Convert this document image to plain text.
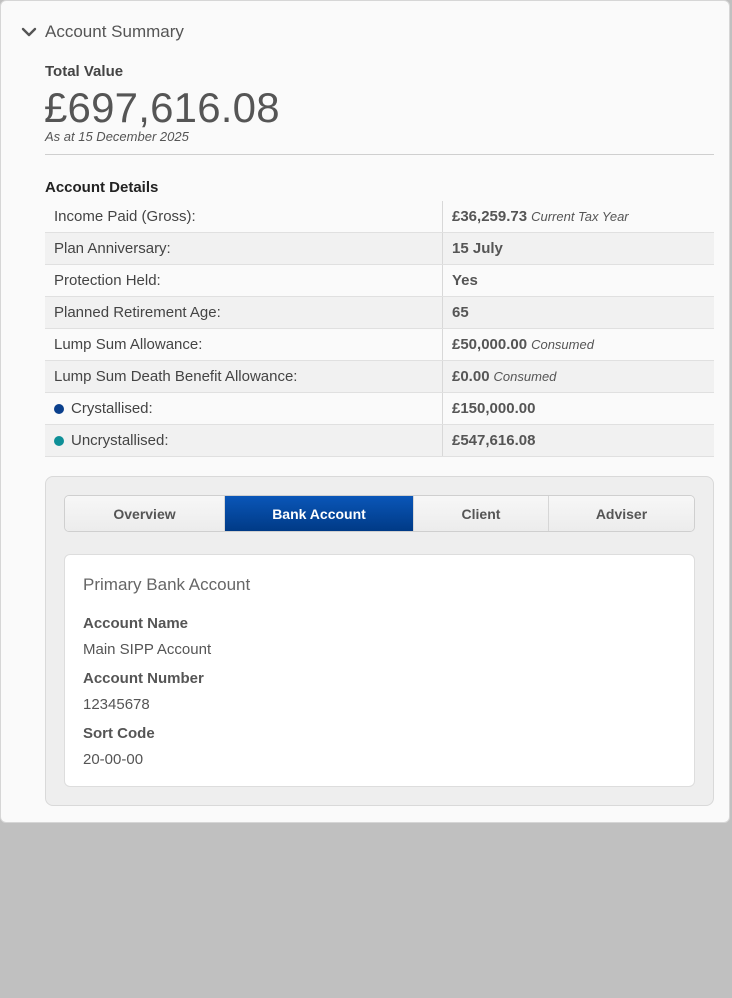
Account Summary
Total Value
£697,616.08
As at 15 December 2025
Account Details
Income Paid (Gross):	£36,259.73 Current Tax Year
Plan Anniversary:	15 July
Protection Held:	Yes
Planned Retirement Age:	65
Lump Sum Allowance:	£50,000.00 Consumed
Lump Sum Death Benefit Allowance:	£0.00 Consumed
Crystallised:	£150,000.00
Uncrystallised:	£547,616.08
Overview	Bank Account	Client	Adviser
Primary Bank Account
Account Name
Main SIPP Account
Account Number
12345678
Sort Code
20-00-00
